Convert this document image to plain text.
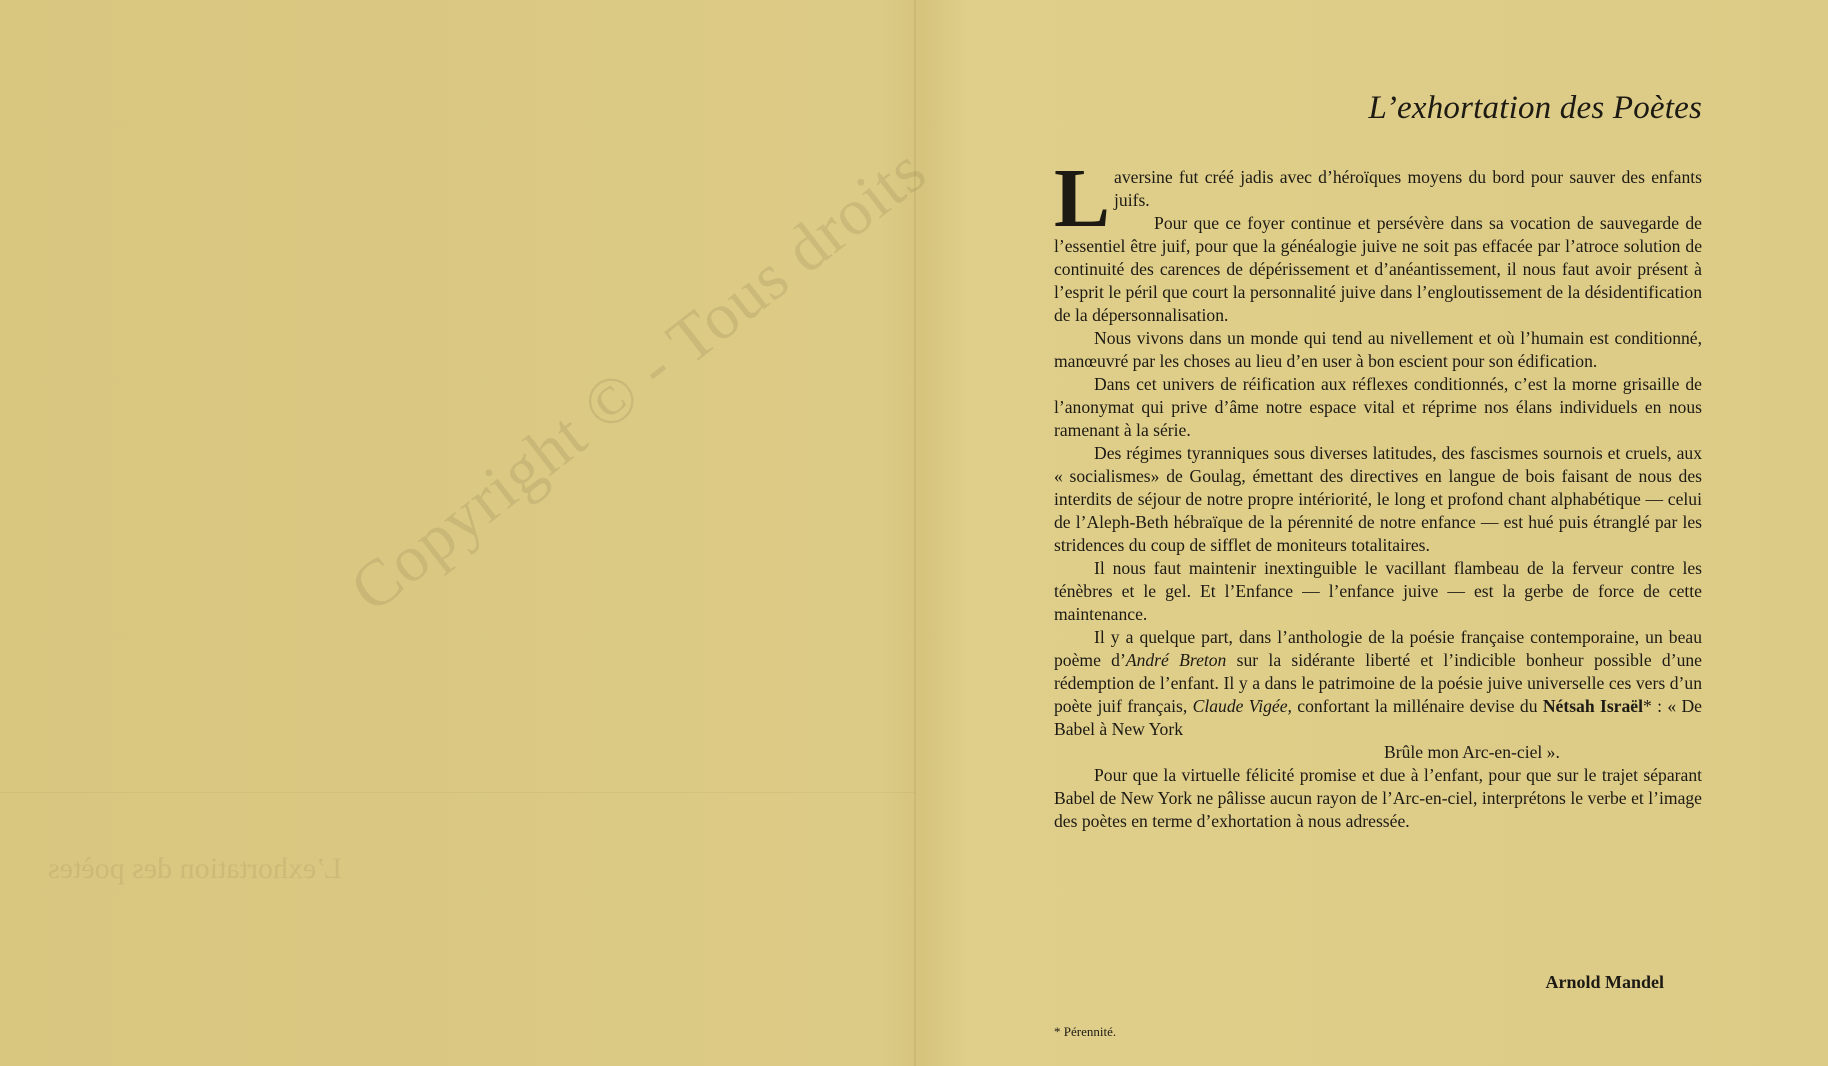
L’exhortation des poètes
Copyright © - Tous droits
L’exhortation des Poètes

Laversine fut créé jadis avec d’héroïques moyens du bord pour sauver des enfants juifs.

Pour que ce foyer continue et persévère dans sa vocation de sauvegarde de l’essentiel être juif, pour que la généalogie juive ne soit pas effacée par l’atroce solution de continuité des carences de dépérissement et d’anéantissement, il nous faut avoir présent à l’esprit le péril que court la personnalité juive dans l’engloutissement de la désidentification de la dépersonnalisation.

Nous vivons dans un monde qui tend au nivellement et où l’humain est conditionné, manœuvré par les choses au lieu d’en user à bon escient pour son édification.

Dans cet univers de réification aux réflexes conditionnés, c’est la morne grisaille de l’anonymat qui prive d’âme notre espace vital et réprime nos élans individuels en nous ramenant à la série.

Des régimes tyranniques sous diverses latitudes, des fascismes sournois et cruels, aux « socialismes» de Goulag, émettant des directives en langue de bois faisant de nous des interdits de séjour de notre propre intériorité, le long et profond chant alphabétique — celui de l’Aleph-Beth hébraïque de la pérennité de notre enfance — est hué puis étranglé par les stridences du coup de sifflet de moniteurs totalitaires.

Il nous faut maintenir inextinguible le vacillant flambeau de la ferveur contre les ténèbres et le gel. Et l’Enfance — l’enfance juive — est la gerbe de force de cette maintenance.

Il y a quelque part, dans l’anthologie de la poésie française contemporaine, un beau poème d’André Breton sur la sidérante liberté et l’indicible bonheur possible d’une rédemption de l’enfant. Il y a dans le patrimoine de la poésie juive universelle ces vers d’un poète juif français, Claude Vigée, confortant la millénaire devise du Nétsah Israël* : « De Babel à New York
Brûle mon Arc-en-ciel ».

Pour que la virtuelle félicité promise et due à l’enfant, pour que sur le trajet séparant Babel de New York ne pâlisse aucun rayon de l’Arc-en-ciel, interprétons le verbe et l’image des poètes en terme d’exhortation à nous adressée.

Arnold Mandel
* Pérennité.
